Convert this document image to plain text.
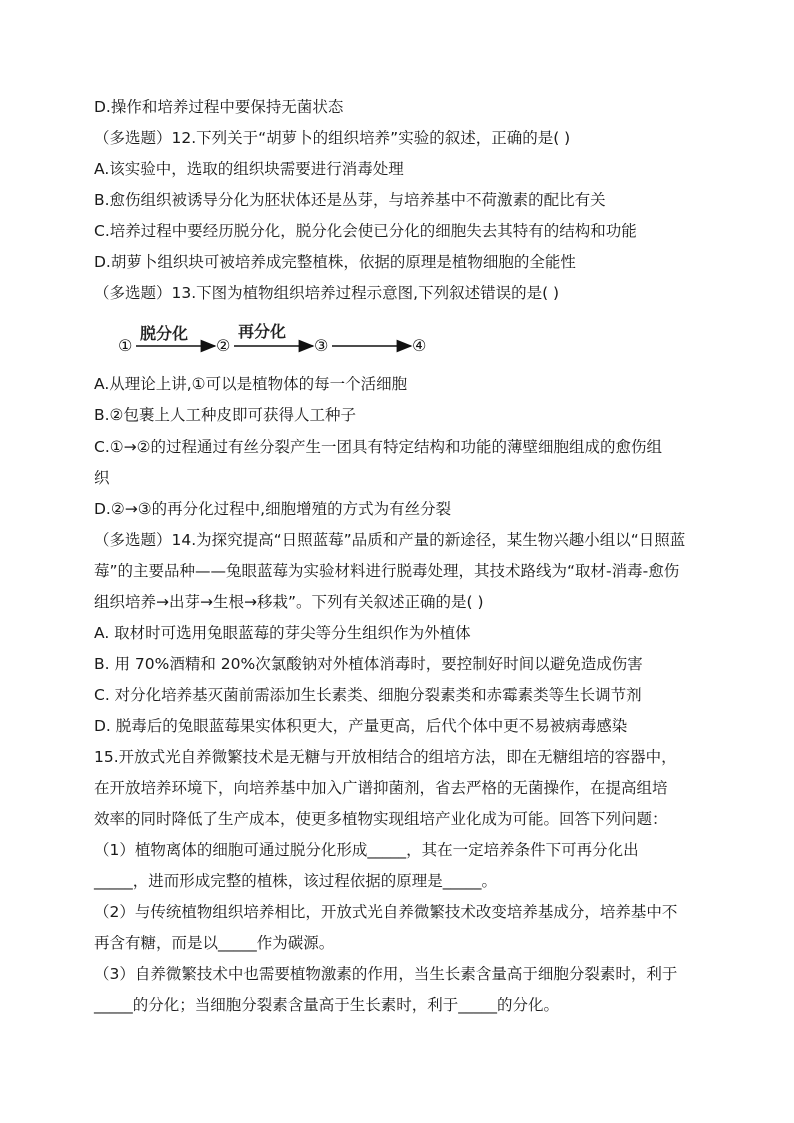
D.操作和培养过程中要保持无菌状态
（多选题）12.下列关于“胡萝卜的组织培养”实验的叙述，正确的是( )
A.该实验中，选取的组织块需要进行消毒处理
B.愈伤组织被诱导分化为胚状体还是丛芽，与培养基中不荷激素的配比有关
C.培养过程中要经历脱分化，脱分化会使已分化的细胞失去其特有的结构和功能
D.胡萝卜组织块可被培养成完整植株，依据的原理是植物细胞的全能性
（多选题）13.下图为植物组织培养过程示意图,下列叙述错误的是( )
①	②	③	④
脱分化	再分化
A.从理论上讲,①可以是植物体的每一个活细胞
B.②包裹上人工种皮即可获得人工种子
C.①→②的过程通过有丝分裂产生一团具有特定结构和功能的薄壁细胞组成的愈伤组
织
D.②→③的再分化过程中,细胞增殖的方式为有丝分裂
（多选题）14.为探究提高“日照蓝莓”品质和产量的新途径，某生物兴趣小组以“日照蓝
莓”的主要品种——兔眼蓝莓为实验材料进行脱毒处理，其技术路线为“取材-消毒-愈伤
组织培养→出芽→生根→移栽”。下列有关叙述正确的是( )
A. 取材时可选用兔眼蓝莓的芽尖等分生组织作为外植体
B. 用 70%酒精和 20%次氯酸钠对外植体消毒时，要控制好时间以避免造成伤害
C. 对分化培养基灭菌前需添加生长素类、细胞分裂素类和赤霉素类等生长调节剂
D. 脱毒后的兔眼蓝莓果实体积更大，产量更高，后代个体中更不易被病毒感染
15.开放式光自养微繁技术是无糖与开放相结合的组培方法，即在无糖组培的容器中，
在开放培养环境下，向培养基中加入广谱抑菌剂，省去严格的无菌操作，在提高组培
效率的同时降低了生产成本，使更多植物实现组培产业化成为可能。回答下列问题：
（1）植物离体的细胞可通过脱分化形成_____，其在一定培养条件下可再分化出
_____，进而形成完整的植株，该过程依据的原理是_____。
（2）与传统植物组织培养相比，开放式光自养微繁技术改变培养基成分，培养基中不
再含有糖，而是以_____作为碳源。
（3）自养微繁技术中也需要植物激素的作用，当生长素含量高于细胞分裂素时，利于
_____的分化；当细胞分裂素含量高于生长素时，利于_____的分化。
